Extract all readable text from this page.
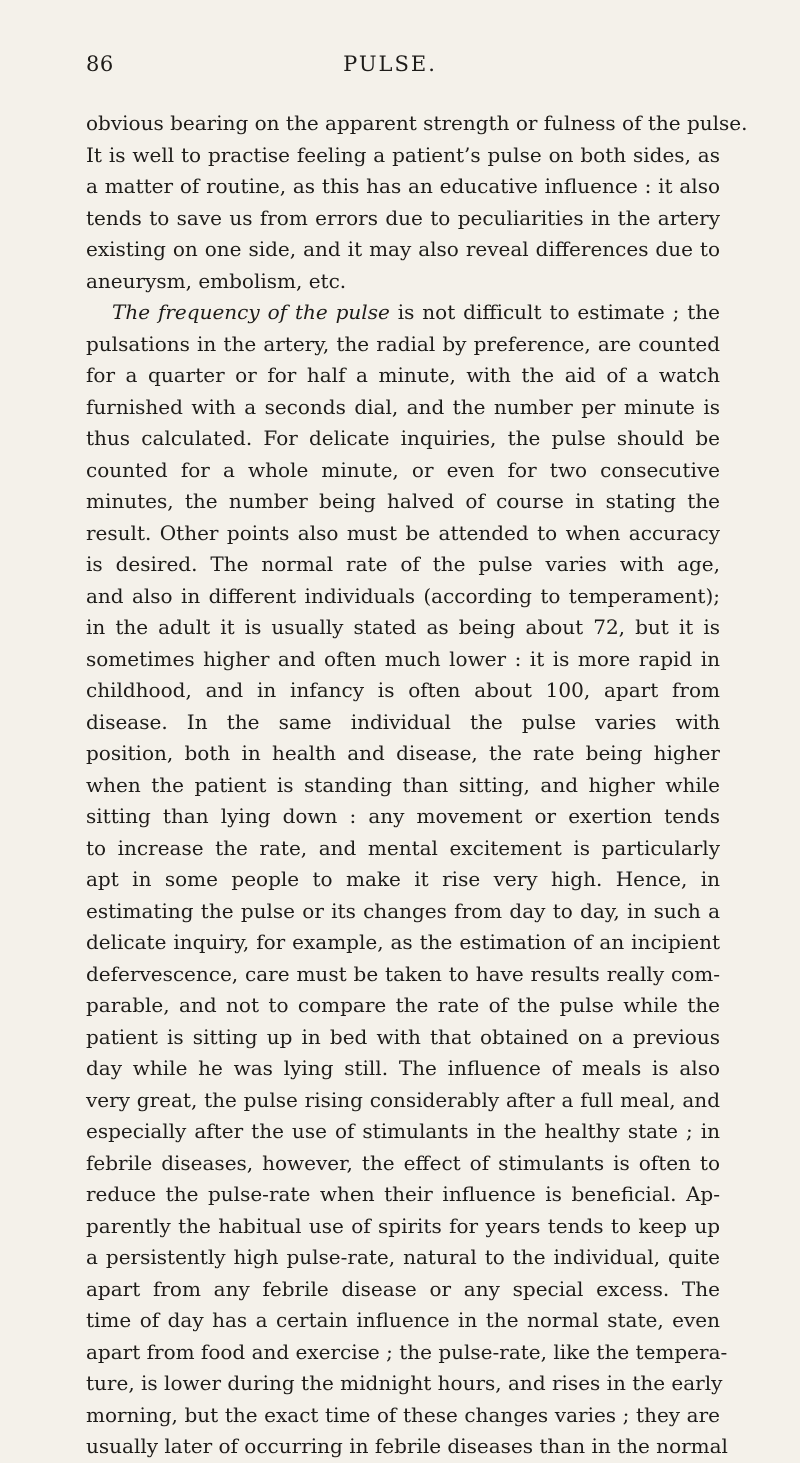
86	PULSE.
obvious bearing on the apparent strength or fulness of the pulse.
It is well to practise feeling a patient’s pulse on both sides, as
a matter of routine, as this has an educative influence : it also
tends to save us from errors due to peculiarities in the artery
existing on one side, and it may also reveal differences due to
aneurysm, embolism, etc.
The frequency of the pulse is not difficult to estimate ; the
pulsations in the artery, the radial by preference, are counted
for a quarter or for half a minute, with the aid of a watch
furnished with a seconds dial, and the number per minute is
thus calculated. For delicate inquiries, the pulse should be
counted for a whole minute, or even for two consecutive
minutes, the number being halved of course in stating the
result. Other points also must be attended to when accuracy
is desired. The normal rate of the pulse varies with age,
and also in different individuals (according to temperament);
in the adult it is usually stated as being about 72, but it is
sometimes higher and often much lower : it is more rapid in
childhood, and in infancy is often about 100, apart from
disease. In the same individual the pulse varies with
position, both in health and disease, the rate being higher
when the patient is standing than sitting, and higher while
sitting than lying down : any movement or exertion tends
to increase the rate, and mental excitement is particularly
apt in some people to make it rise very high. Hence, in
estimating the pulse or its changes from day to day, in such a
delicate inquiry, for example, as the estimation of an incipient
defervescence, care must be taken to have results really com-
parable, and not to compare the rate of the pulse while the
patient is sitting up in bed with that obtained on a previous
day while he was lying still. The influence of meals is also
very great, the pulse rising considerably after a full meal, and
especially after the use of stimulants in the healthy state ; in
febrile diseases, however, the effect of stimulants is often to
reduce the pulse-rate when their influence is beneficial. Ap-
parently the habitual use of spirits for years tends to keep up
a persistently high pulse-rate, natural to the individual, quite
apart from any febrile disease or any special excess. The
time of day has a certain influence in the normal state, even
apart from food and exercise ; the pulse-rate, like the tempera-
ture, is lower during the midnight hours, and rises in the early
morning, but the exact time of these changes varies ; they are
usually later of occurring in febrile diseases than in the normal
